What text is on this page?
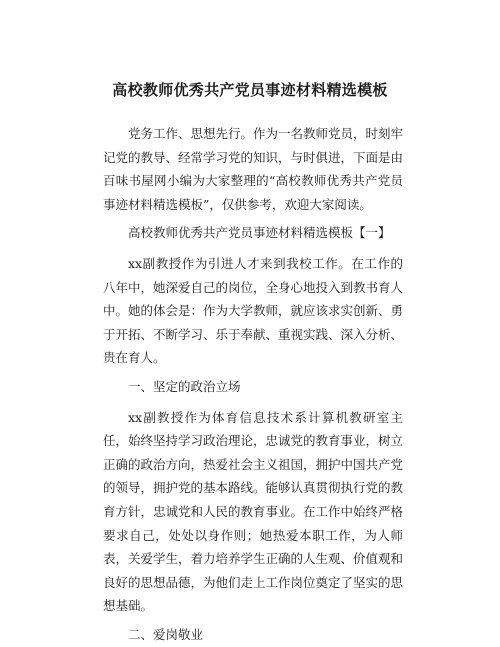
高校教师优秀共产党员事迹材料精选模板

党务工作、思想先行。作为一名教师党员，时刻牢记党的教导、经常学习党的知识，与时俱进，下面是由百味书屋网小编为大家整理的“高校教师优秀共产党员事迹材料精选模板”，仅供参考，欢迎大家阅读。

高校教师优秀共产党员事迹材料精选模板【一】

xx副教授作为引进人才来到我校工作。在工作的八年中，她深爱自己的岗位，全身心地投入到教书育人中。她的体会是：作为大学教师，就应该求实创新、勇于开拓、不断学习、乐于奉献、重视实践、深入分析、贵在育人。

一、坚定的政治立场

xx副教授作为体育信息技术系计算机教研室主任，始终坚持学习政治理论，忠诚党的教育事业，树立正确的政治方向，热爱社会主义祖国，拥护中国共产党的领导，拥护党的基本路线。能够认真贯彻执行党的教育方针，忠诚党和人民的教育事业。在工作中始终严格要求自己，处处以身作则；她热爱本职工作，为人师表，关爱学生，着力培养学生正确的人生观、价值观和良好的思想品德，为他们走上工作岗位奠定了坚实的思想基础。

二、爱岗敬业
